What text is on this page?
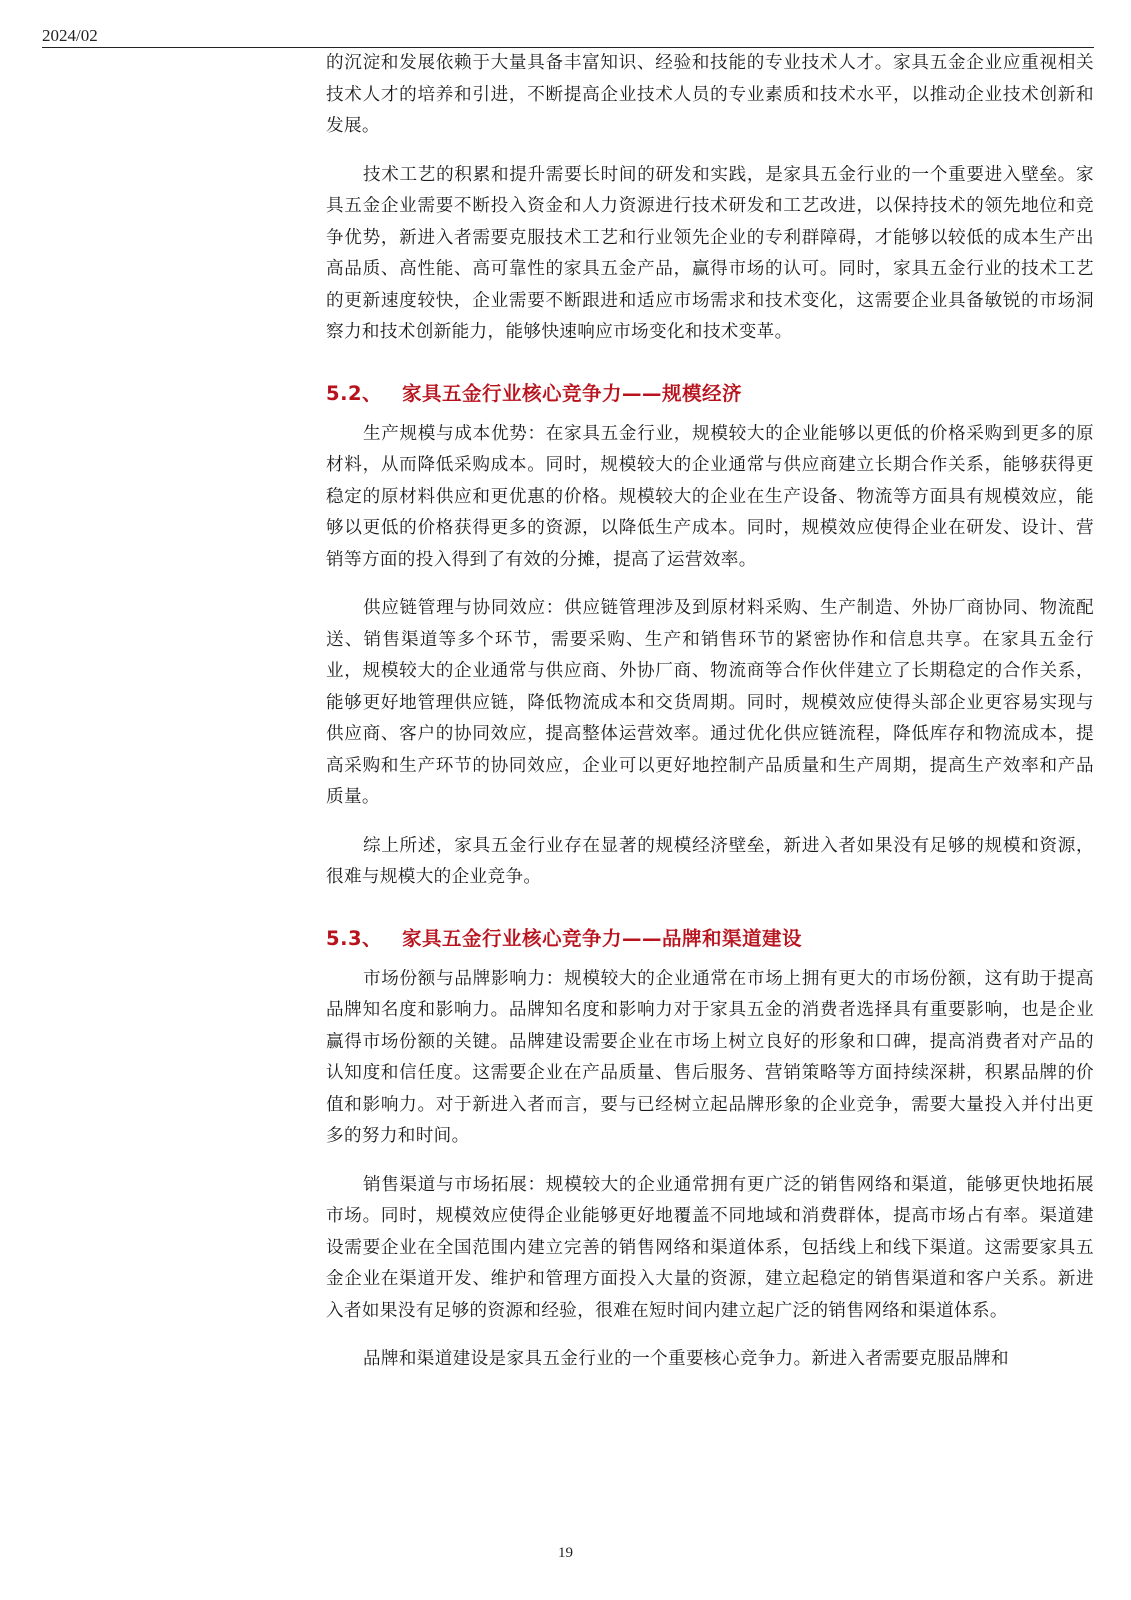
2024/02

的沉淀和发展依赖于大量具备丰富知识、经验和技能的专业技术人才。家具五金企业应重视相关技术人才的培养和引进，不断提高企业技术人员的专业素质和技术水平，以推动企业技术创新和发展。

技术工艺的积累和提升需要长时间的研发和实践，是家具五金行业的一个重要进入壁垒。家具五金企业需要不断投入资金和人力资源进行技术研发和工艺改进，以保持技术的领先地位和竞争优势，新进入者需要克服技术工艺和行业领先企业的专利群障碍，才能够以较低的成本生产出高品质、高性能、高可靠性的家具五金产品，赢得市场的认可。同时，家具五金行业的技术工艺的更新速度较快，企业需要不断跟进和适应市场需求和技术变化，这需要企业具备敏锐的市场洞察力和技术创新能力，能够快速响应市场变化和技术变革。

5.2、 家具五金行业核心竞争力——规模经济

生产规模与成本优势：在家具五金行业，规模较大的企业能够以更低的价格采购到更多的原材料，从而降低采购成本。同时，规模较大的企业通常与供应商建立长期合作关系，能够获得更稳定的原材料供应和更优惠的价格。规模较大的企业在生产设备、物流等方面具有规模效应，能够以更低的价格获得更多的资源，以降低生产成本。同时，规模效应使得企业在研发、设计、营销等方面的投入得到了有效的分摊，提高了运营效率。

供应链管理与协同效应：供应链管理涉及到原材料采购、生产制造、外协厂商协同、物流配送、销售渠道等多个环节，需要采购、生产和销售环节的紧密协作和信息共享。在家具五金行业，规模较大的企业通常与供应商、外协厂商、物流商等合作伙伴建立了长期稳定的合作关系，能够更好地管理供应链，降低物流成本和交货周期。同时，规模效应使得头部企业更容易实现与供应商、客户的协同效应，提高整体运营效率。通过优化供应链流程，降低库存和物流成本，提高采购和生产环节的协同效应，企业可以更好地控制产品质量和生产周期，提高生产效率和产品质量。

综上所述，家具五金行业存在显著的规模经济壁垒，新进入者如果没有足够的规模和资源，很难与规模大的企业竞争。

5.3、 家具五金行业核心竞争力——品牌和渠道建设

市场份额与品牌影响力：规模较大的企业通常在市场上拥有更大的市场份额，这有助于提高品牌知名度和影响力。品牌知名度和影响力对于家具五金的消费者选择具有重要影响，也是企业赢得市场份额的关键。品牌建设需要企业在市场上树立良好的形象和口碑，提高消费者对产品的认知度和信任度。这需要企业在产品质量、售后服务、营销策略等方面持续深耕，积累品牌的价值和影响力。对于新进入者而言，要与已经树立起品牌形象的企业竞争，需要大量投入并付出更多的努力和时间。

销售渠道与市场拓展：规模较大的企业通常拥有更广泛的销售网络和渠道，能够更快地拓展市场。同时，规模效应使得企业能够更好地覆盖不同地域和消费群体，提高市场占有率。渠道建设需要企业在全国范围内建立完善的销售网络和渠道体系，包括线上和线下渠道。这需要家具五金企业在渠道开发、维护和管理方面投入大量的资源，建立起稳定的销售渠道和客户关系。新进入者如果没有足够的资源和经验，很难在短时间内建立起广泛的销售网络和渠道体系。

品牌和渠道建设是家具五金行业的一个重要核心竞争力。新进入者需要克服品牌和

19
